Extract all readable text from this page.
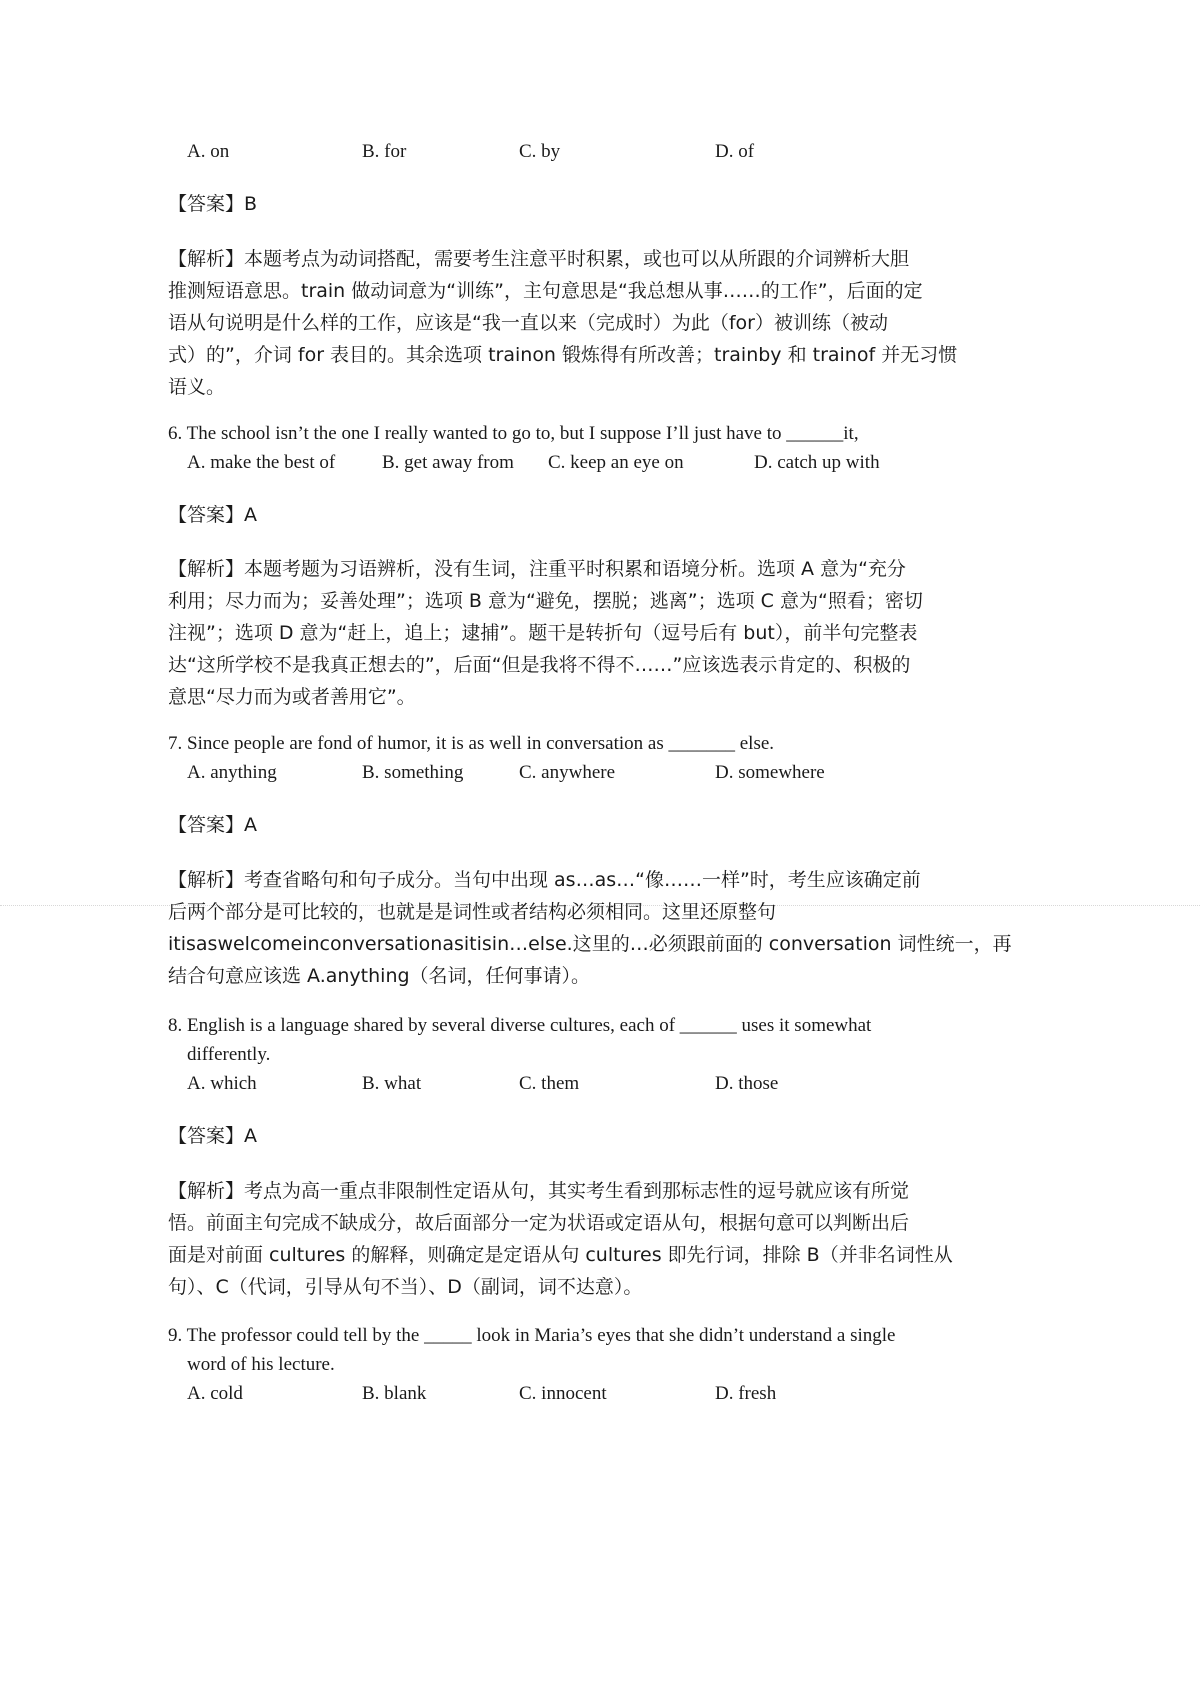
A. on	B. for	C. by	D. of
【答案】B
【解析】本题考点为动词搭配，需要考生注意平时积累，或也可以从所跟的介词辨析大胆
推测短语意思。train 做动词意为“训练”，主句意思是“我总想从事……的工作”，后面的定
语从句说明是什么样的工作，应该是“我一直以来（完成时）为此（for）被训练（被动
式）的”，介词 for 表目的。其余选项 trainon 锻炼得有所改善；trainby 和 trainof 并无习惯
语义。
6. The school isn’t the one I really wanted to go to, but I suppose I’ll just have to ______it,
A. make the best of B. get away from C. keep an eye on	D. catch up with
【答案】A
【解析】本题考题为习语辨析，没有生词，注重平时积累和语境分析。选项 A 意为“充分
利用；尽力而为；妥善处理”；选项 B 意为“避免，摆脱；逃离”；选项 C 意为“照看；密切
注视”；选项 D 意为“赶上，追上；逮捕”。题干是转折句（逗号后有 but），前半句完整表
达“这所学校不是我真正想去的”，后面“但是我将不得不……”应该选表示肯定的、积极的
意思“尽力而为或者善用它”。
7. Since people are fond of humor, it is as well in conversation as _______ else.
A. anything	B. something	C. anywhere	D. somewhere
【答案】A
【解析】考查省略句和句子成分。当句中出现 as…as…“像……一样”时，考生应该确定前
后两个部分是可比较的，也就是是词性或者结构必须相同。这里还原整句
itisaswelcomeinconversationasitisin…else.这里的…必须跟前面的 conversation 词性统一，再
结合句意应该选 A.anything（名词，任何事请）。
8. English is a language shared by several diverse cultures, each of ______ uses it somewhat
differently.
A. which	B. what	C. them	D. those
【答案】A
【解析】考点为高一重点非限制性定语从句，其实考生看到那标志性的逗号就应该有所觉
悟。前面主句完成不缺成分，故后面部分一定为状语或定语从句，根据句意可以判断出后
面是对前面 cultures 的解释，则确定是定语从句 cultures 即先行词，排除 B（并非名词性从
句）、C（代词，引导从句不当）、D（副词，词不达意）。
9. The professor could tell by the _____ look in Maria’s eyes that she didn’t understand a single
word of his lecture.
A. cold	B. blank	C. innocent	D. fresh
